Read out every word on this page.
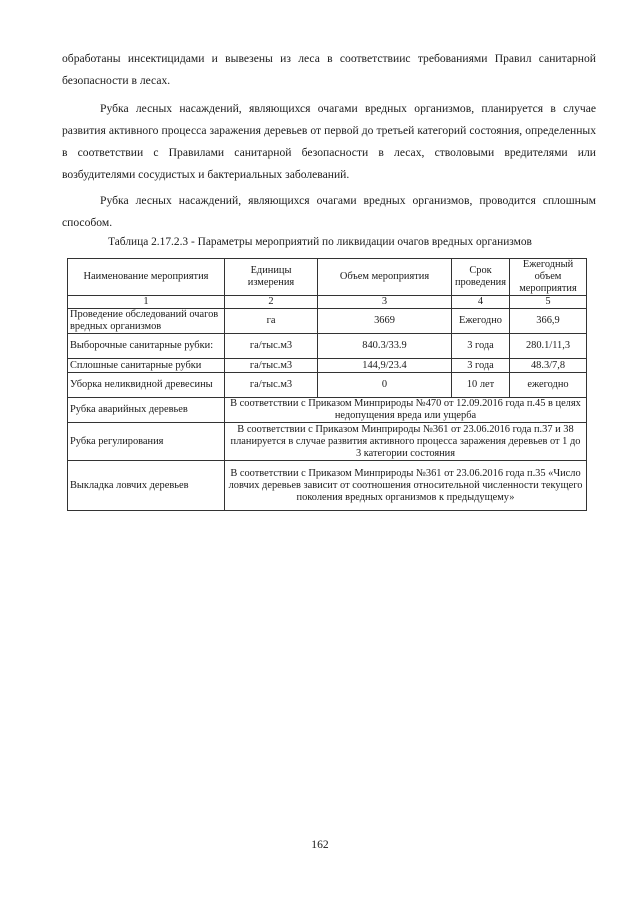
обработаны инсектицидами и вывезены из леса в соответствиис требованиями Правил санитарной безопасности в лесах.

Рубка лесных насаждений, являющихся очагами вредных организмов, планируется в случае развития активного процесса заражения деревьев от первой до третьей категорий состояния, определенных в соответствии с Правилами санитарной безопасности в лесах, стволовыми вредителями или возбудителями сосудистых и бактериальных заболеваний.

Рубка лесных насаждений, являющихся очагами вредных организмов, проводится сплошным способом.

Таблица 2.17.2.3 - Параметры мероприятий по ликвидации очагов вредных организмов
Наименование мероприятия	Единицы измерения	Объем мероприятия	Срок проведения	Ежегодный объем мероприятия
1	2	3	4	5
Проведение обследований очагов вредных организмов	га	3669	Ежегодно	366,9
Выборочные санитарные рубки:	га/тыс.м3	840.3/33.9	3 года	280.1/11,3
Сплошные санитарные рубки	га/тыс.м3	144,9/23.4	3 года	48.3/7,8
Уборка неликвидной древесины	га/тыс.м3	0	10 лет	ежегодно
Рубка аварийных деревьев	В соответствии с Приказом Минприроды №470 от 12.09.2016 года п.45 в целях недопущения вреда или ущерба			
Рубка регулирования	В соответствии с Приказом Минприроды №361 от 23.06.2016 года п.37 и 38 планируется в случае развития активного процесса заражения деревьев от 1 до 3 категории состояния			
Выкладка ловчих деревьев	В соответствии с Приказом Минприроды №361 от 23.06.2016 года п.35 «Число ловчих деревьев зависит от соотношения относительной численности текущего поколения вредных организмов к предыдущему»			
162
